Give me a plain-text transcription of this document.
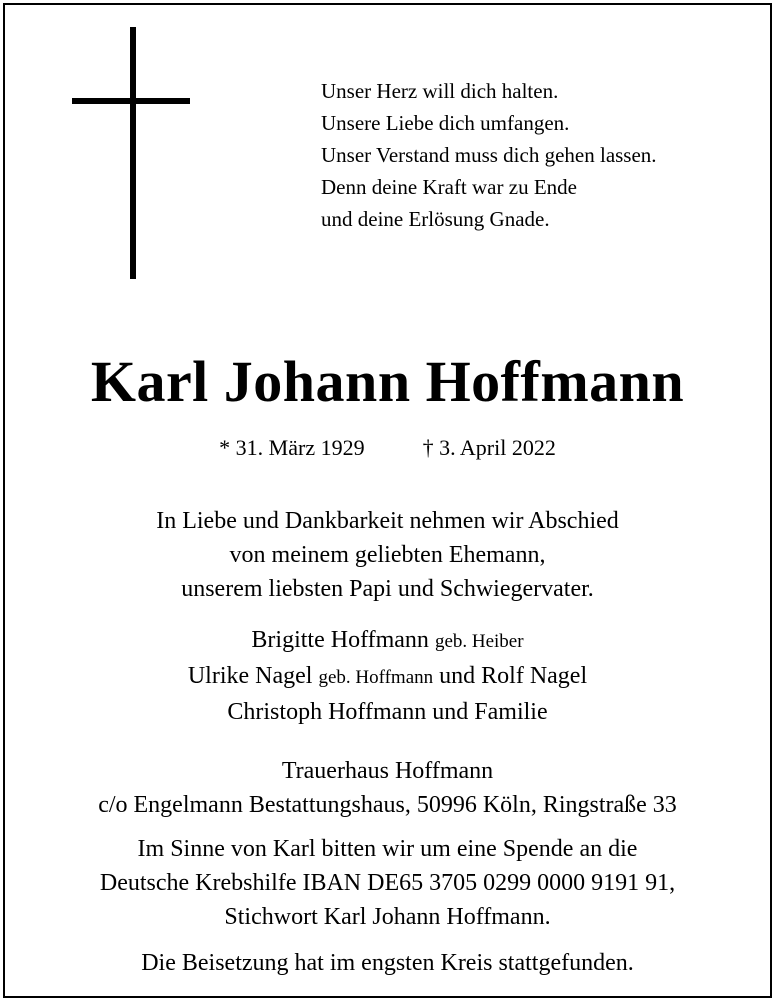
Unser Herz will dich halten.
Unsere Liebe dich umfangen.
Unser Verstand muss dich gehen lassen.
Denn deine Kraft war zu Ende
und deine Erlösung Gnade.
Karl Johann Hoffmann
* 31. März 1929	† 3. April 2022
In Liebe und Dankbarkeit nehmen wir Abschied
von meinem geliebten Ehemann,
unserem liebsten Papi und Schwiegervater.
Brigitte Hoffmann geb. Heiber
Ulrike Nagel geb. Hoffmann und Rolf Nagel
Christoph Hoffmann und Familie
Trauerhaus Hoffmann
c/o Engelmann Bestattungshaus, 50996 Köln, Ringstraße 33
Im Sinne von Karl bitten wir um eine Spende an die
Deutsche Krebshilfe IBAN DE65 3705 0299 0000 9191 91,
Stichwort Karl Johann Hoffmann.
Die Beisetzung hat im engsten Kreis stattgefunden.
